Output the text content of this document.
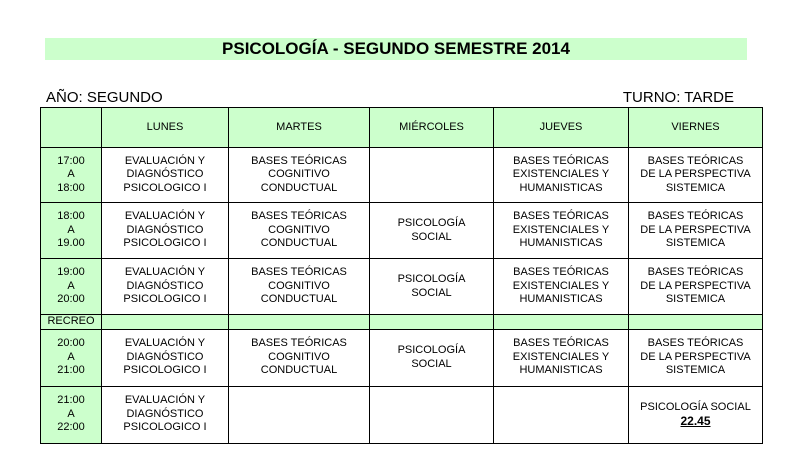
PSICOLOGÍA - SEGUNDO SEMESTRE 2014
AÑO: SEGUNDO	TURNO: TARDE
	LUNES	MARTES	MIÉRCOLES	JUEVES	VIERNES

17:00
A
18:00	EVALUACIÓN Y
DIAGNÓSTICO
PSICOLOGICO I	BASES TEÓRICAS
COGNITIVO
CONDUCTUAL		BASES TEÓRICAS
EXISTENCIALES Y
HUMANISTICAS	BASES TEÓRICAS
DE LA PERSPECTIVA
SISTEMICA

18:00
A
19.00	EVALUACIÓN Y
DIAGNÓSTICO
PSICOLOGICO I	BASES TEÓRICAS
COGNITIVO
CONDUCTUAL	PSICOLOGÍA
SOCIAL	BASES TEÓRICAS
EXISTENCIALES Y
HUMANISTICAS	BASES TEÓRICAS
DE LA PERSPECTIVA
SISTEMICA

19:00
A
20:00	EVALUACIÓN Y
DIAGNÓSTICO
PSICOLOGICO I	BASES TEÓRICAS
COGNITIVO
CONDUCTUAL	PSICOLOGÍA
SOCIAL	BASES TEÓRICAS
EXISTENCIALES Y
HUMANISTICAS	BASES TEÓRICAS
DE LA PERSPECTIVA
SISTEMICA

RECREO					

20:00
A
21:00	EVALUACIÓN Y
DIAGNÓSTICO
PSICOLOGICO I	BASES TEÓRICAS
COGNITIVO
CONDUCTUAL	PSICOLOGÍA
SOCIAL	BASES TEÓRICAS
EXISTENCIALES Y
HUMANISTICAS	BASES TEÓRICAS
DE LA PERSPECTIVA
SISTEMICA

21:00
A
22:00	EVALUACIÓN Y
DIAGNÓSTICO
PSICOLOGICO I				PSICOLOGÍA SOCIAL
22.45
